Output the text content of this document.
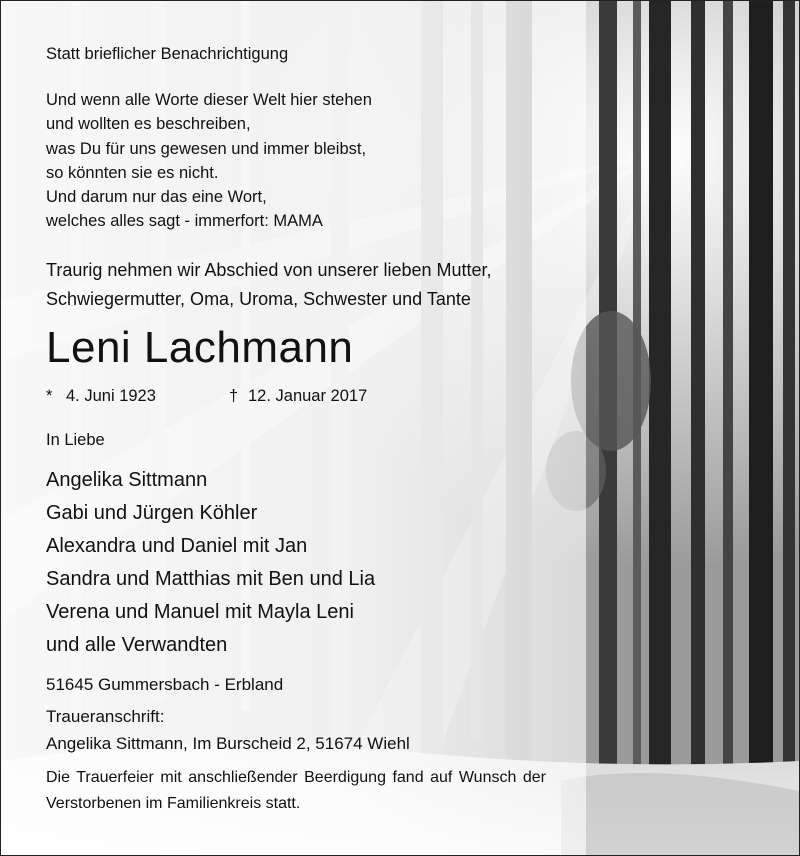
Statt brieflicher Benachrichtigung
Und wenn alle Worte dieser Welt hier stehen
und wollten es beschreiben,
was Du für uns gewesen und immer bleibst,
so könnten sie es nicht.
Und darum nur das eine Wort,
welches alles sagt - immerfort: MAMA
Traurig nehmen wir Abschied von unserer lieben Mutter,
Schwiegermutter, Oma, Uroma, Schwester und Tante
Leni Lachmann
* 4. Juni 1923	† 12. Januar 2017
In Liebe
Angelika Sittmann
Gabi und Jürgen Köhler
Alexandra und Daniel mit Jan
Sandra und Matthias mit Ben und Lia
Verena und Manuel mit Mayla Leni
und alle Verwandten
51645 Gummersbach - Erbland
Traueranschrift:
Angelika Sittmann, Im Burscheid 2, 51674 Wiehl
Die Trauerfeier mit anschließender Beerdigung fand auf Wunsch der Verstorbenen im Familienkreis statt.
